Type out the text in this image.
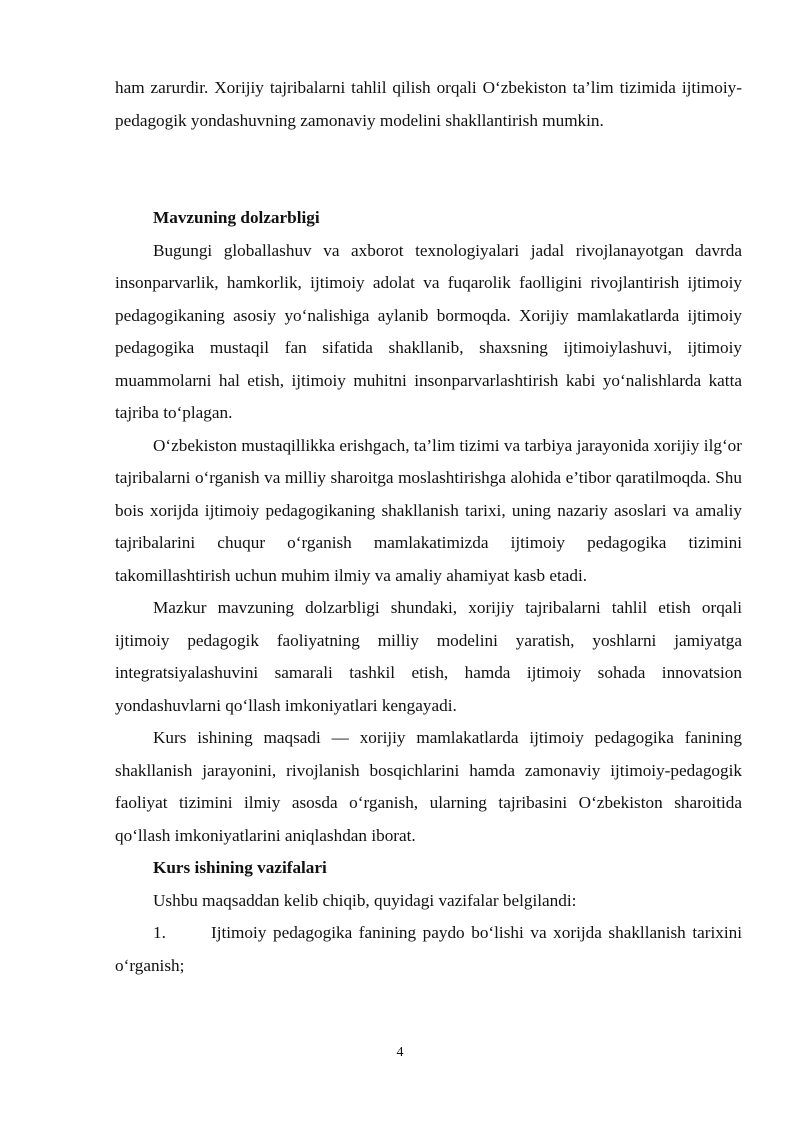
ham zarurdir. Xorijiy tajribalarni tahlil qilish orqali O‘zbekiston ta’lim tizimida ijtimoiy-pedagogik yondashuvning zamonaviy modelini shakllantirish mumkin.

Mavzuning dolzarbligi

Bugungi globallashuv va axborot texnologiyalari jadal rivojlanayotgan davrda insonparvarlik, hamkorlik, ijtimoiy adolat va fuqarolik faolligini rivojlantirish ijtimoiy pedagogikaning asosiy yo‘nalishiga aylanib bormoqda. Xorijiy mamlakatlarda ijtimoiy pedagogika mustaqil fan sifatida shakllanib, shaxsning ijtimoiylashuvi, ijtimoiy muammolarni hal etish, ijtimoiy muhitni insonparvarlashtirish kabi yo‘nalishlarda katta tajriba to‘plagan.

O‘zbekiston mustaqillikka erishgach, ta’lim tizimi va tarbiya jarayonida xorijiy ilg‘or tajribalarni o‘rganish va milliy sharoitga moslashtirishga alohida e’tibor qaratilmoqda. Shu bois xorijda ijtimoiy pedagogikaning shakllanish tarixi, uning nazariy asoslari va amaliy tajribalarini chuqur o‘rganish mamlakatimizda ijtimoiy pedagogika tizimini takomillashtirish uchun muhim ilmiy va amaliy ahamiyat kasb etadi.

Mazkur mavzuning dolzarbligi shundaki, xorijiy tajribalarni tahlil etish orqali ijtimoiy pedagogik faoliyatning milliy modelini yaratish, yoshlarni jamiyatga integratsiyalashuvini samarali tashkil etish, hamda ijtimoiy sohada innovatsion yondashuvlarni qo‘llash imkoniyatlari kengayadi.

Kurs ishining maqsadi — xorijiy mamlakatlarda ijtimoiy pedagogika fanining shakllanish jarayonini, rivojlanish bosqichlarini hamda zamonaviy ijtimoiy-pedagogik faoliyat tizimini ilmiy asosda o‘rganish, ularning tajribasini O‘zbekiston sharoitida qo‘llash imkoniyatlarini aniqlashdan iborat.

Kurs ishining vazifalari

Ushbu maqsaddan kelib chiqib, quyidagi vazifalar belgilandi:

1.	Ijtimoiy pedagogika fanining paydo bo‘lishi va xorijda shakllanish tarixini o‘rganish;

4
